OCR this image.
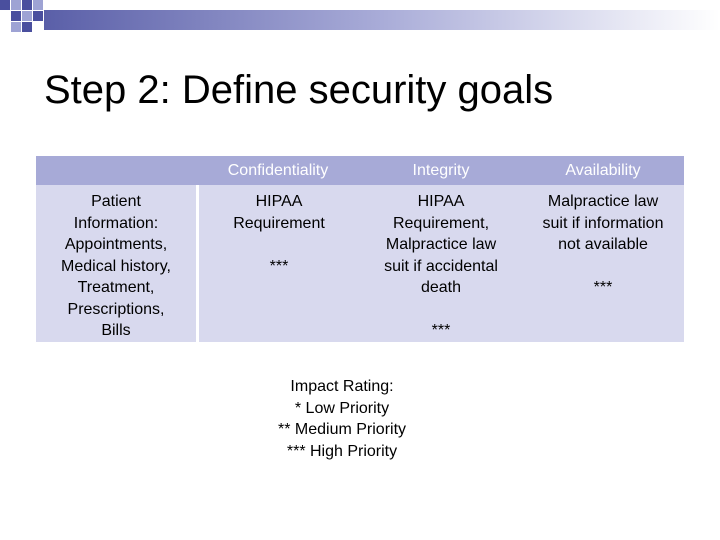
Step 2: Define security goals
Confidentiality	Integrity	Availability
Patient
Information:
Appointments,
Medical history,
Treatment,
Prescriptions,
Bills
HIPAA
Requirement
***
HIPAA
Requirement,
Malpractice law
suit if accidental
death
***
Malpractice law
suit if information
not available
***
Impact Rating:
* Low Priority
** Medium Priority
*** High Priority
